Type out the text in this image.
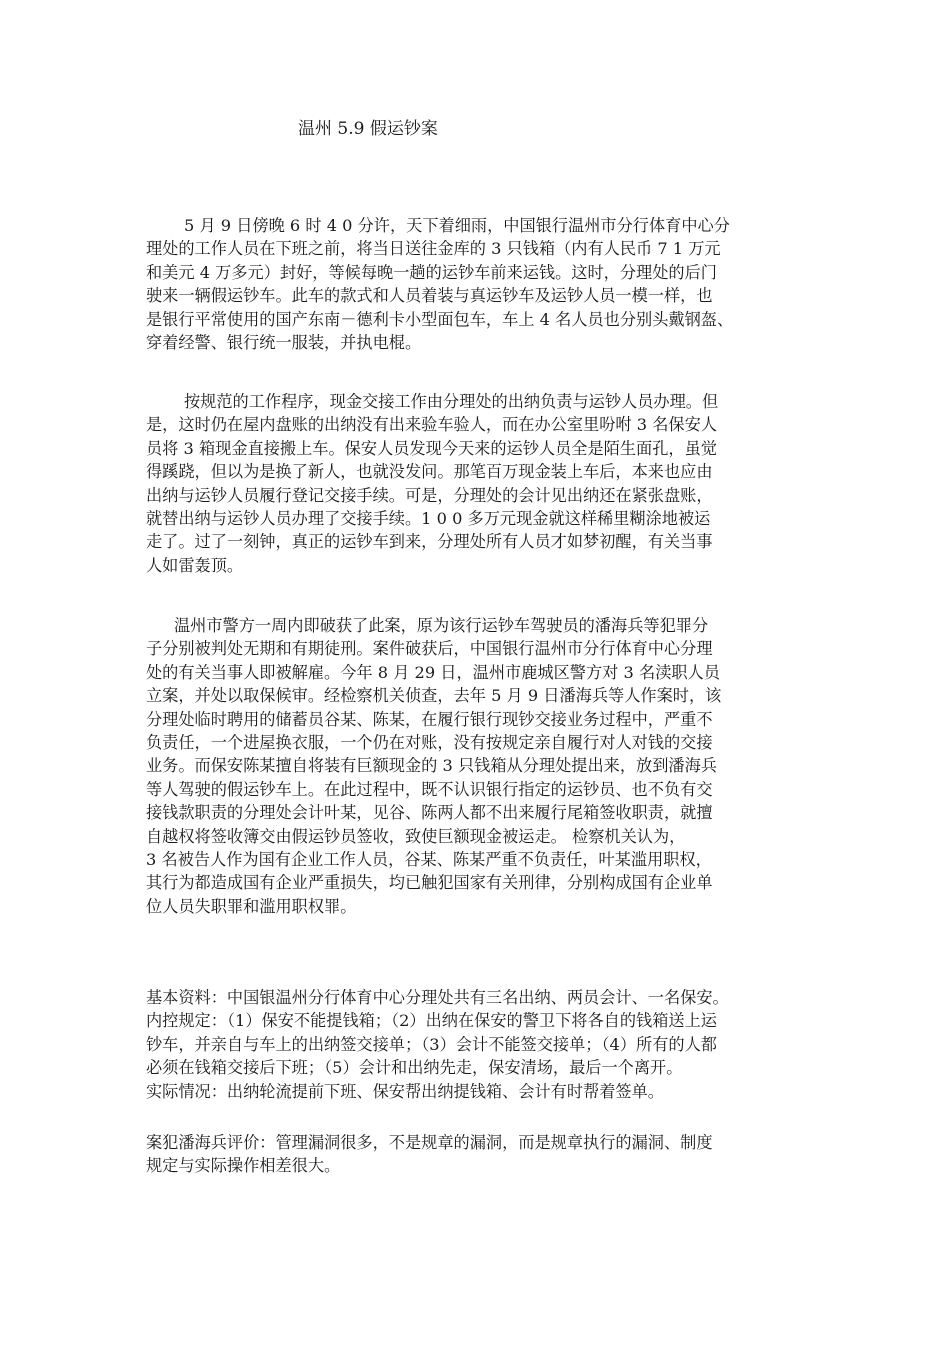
温州 5.9 假运钞案
5 月 9 日傍晚 6 时 4 0 分许，天下着细雨，中国银行温州市分行体育中心分
理处的工作人员在下班之前，将当日送往金库的 3 只钱箱（内有人民币 7 1 万元
和美元 4 万多元）封好，等候每晚一趟的运钞车前来运钱。这时，分理处的后门
驶来一辆假运钞车。此车的款式和人员着装与真运钞车及运钞人员一模一样，也
是银行平常使用的国产东南－德利卡小型面包车，车上 4 名人员也分别头戴钢盔、
穿着经警、银行统一服装，并执电棍。
按规范的工作程序，现金交接工作由分理处的出纳负责与运钞人员办理。但
是，这时仍在屋内盘账的出纳没有出来验车验人，而在办公室里吩咐 3 名保安人
员将 3 箱现金直接搬上车。保安人员发现今天来的运钞人员全是陌生面孔，虽觉
得蹊跷，但以为是换了新人，也就没发问。那笔百万现金装上车后，本来也应由
出纳与运钞人员履行登记交接手续。可是，分理处的会计见出纳还在紧张盘账，
就替出纳与运钞人员办理了交接手续。1 0 0 多万元现金就这样稀里糊涂地被运
走了。过了一刻钟，真正的运钞车到来，分理处所有人员才如梦初醒，有关当事
人如雷轰顶。
温州市警方一周内即破获了此案，原为该行运钞车驾驶员的潘海兵等犯罪分
子分别被判处无期和有期徒刑。案件破获后，中国银行温州市分行体育中心分理
处的有关当事人即被解雇。今年 8 月 29 日，温州市鹿城区警方对 3 名渎职人员
立案，并处以取保候审。经检察机关侦查，去年 5 月 9 日潘海兵等人作案时，该
分理处临时聘用的储蓄员谷某、陈某，在履行银行现钞交接业务过程中，严重不
负责任，一个进屋换衣服，一个仍在对账，没有按规定亲自履行对人对钱的交接
业务。而保安陈某擅自将装有巨额现金的 3 只钱箱从分理处提出来，放到潘海兵
等人驾驶的假运钞车上。在此过程中，既不认识银行指定的运钞员、也不负有交
接钱款职责的分理处会计叶某，见谷、陈两人都不出来履行尾箱签收职责，就擅
自越权将签收簿交由假运钞员签收，致使巨额现金被运走。 检察机关认为，
3 名被告人作为国有企业工作人员，谷某、陈某严重不负责任，叶某滥用职权，
其行为都造成国有企业严重损失，均已触犯国家有关刑律，分别构成国有企业单
位人员失职罪和滥用职权罪。
基本资料：中国银温州分行体育中心分理处共有三名出纳、两员会计、一名保安。
内控规定：（1）保安不能提钱箱；（2）出纳在保安的警卫下将各自的钱箱送上运
钞车，并亲自与车上的出纳签交接单；（3）会计不能签交接单；（4）所有的人都
必须在钱箱交接后下班；（5）会计和出纳先走，保安清场，最后一个离开。
实际情况：出纳轮流提前下班、保安帮出纳提钱箱、会计有时帮着签单。
案犯潘海兵评价：管理漏洞很多，不是规章的漏洞，而是规章执行的漏洞、制度
规定与实际操作相差很大。
